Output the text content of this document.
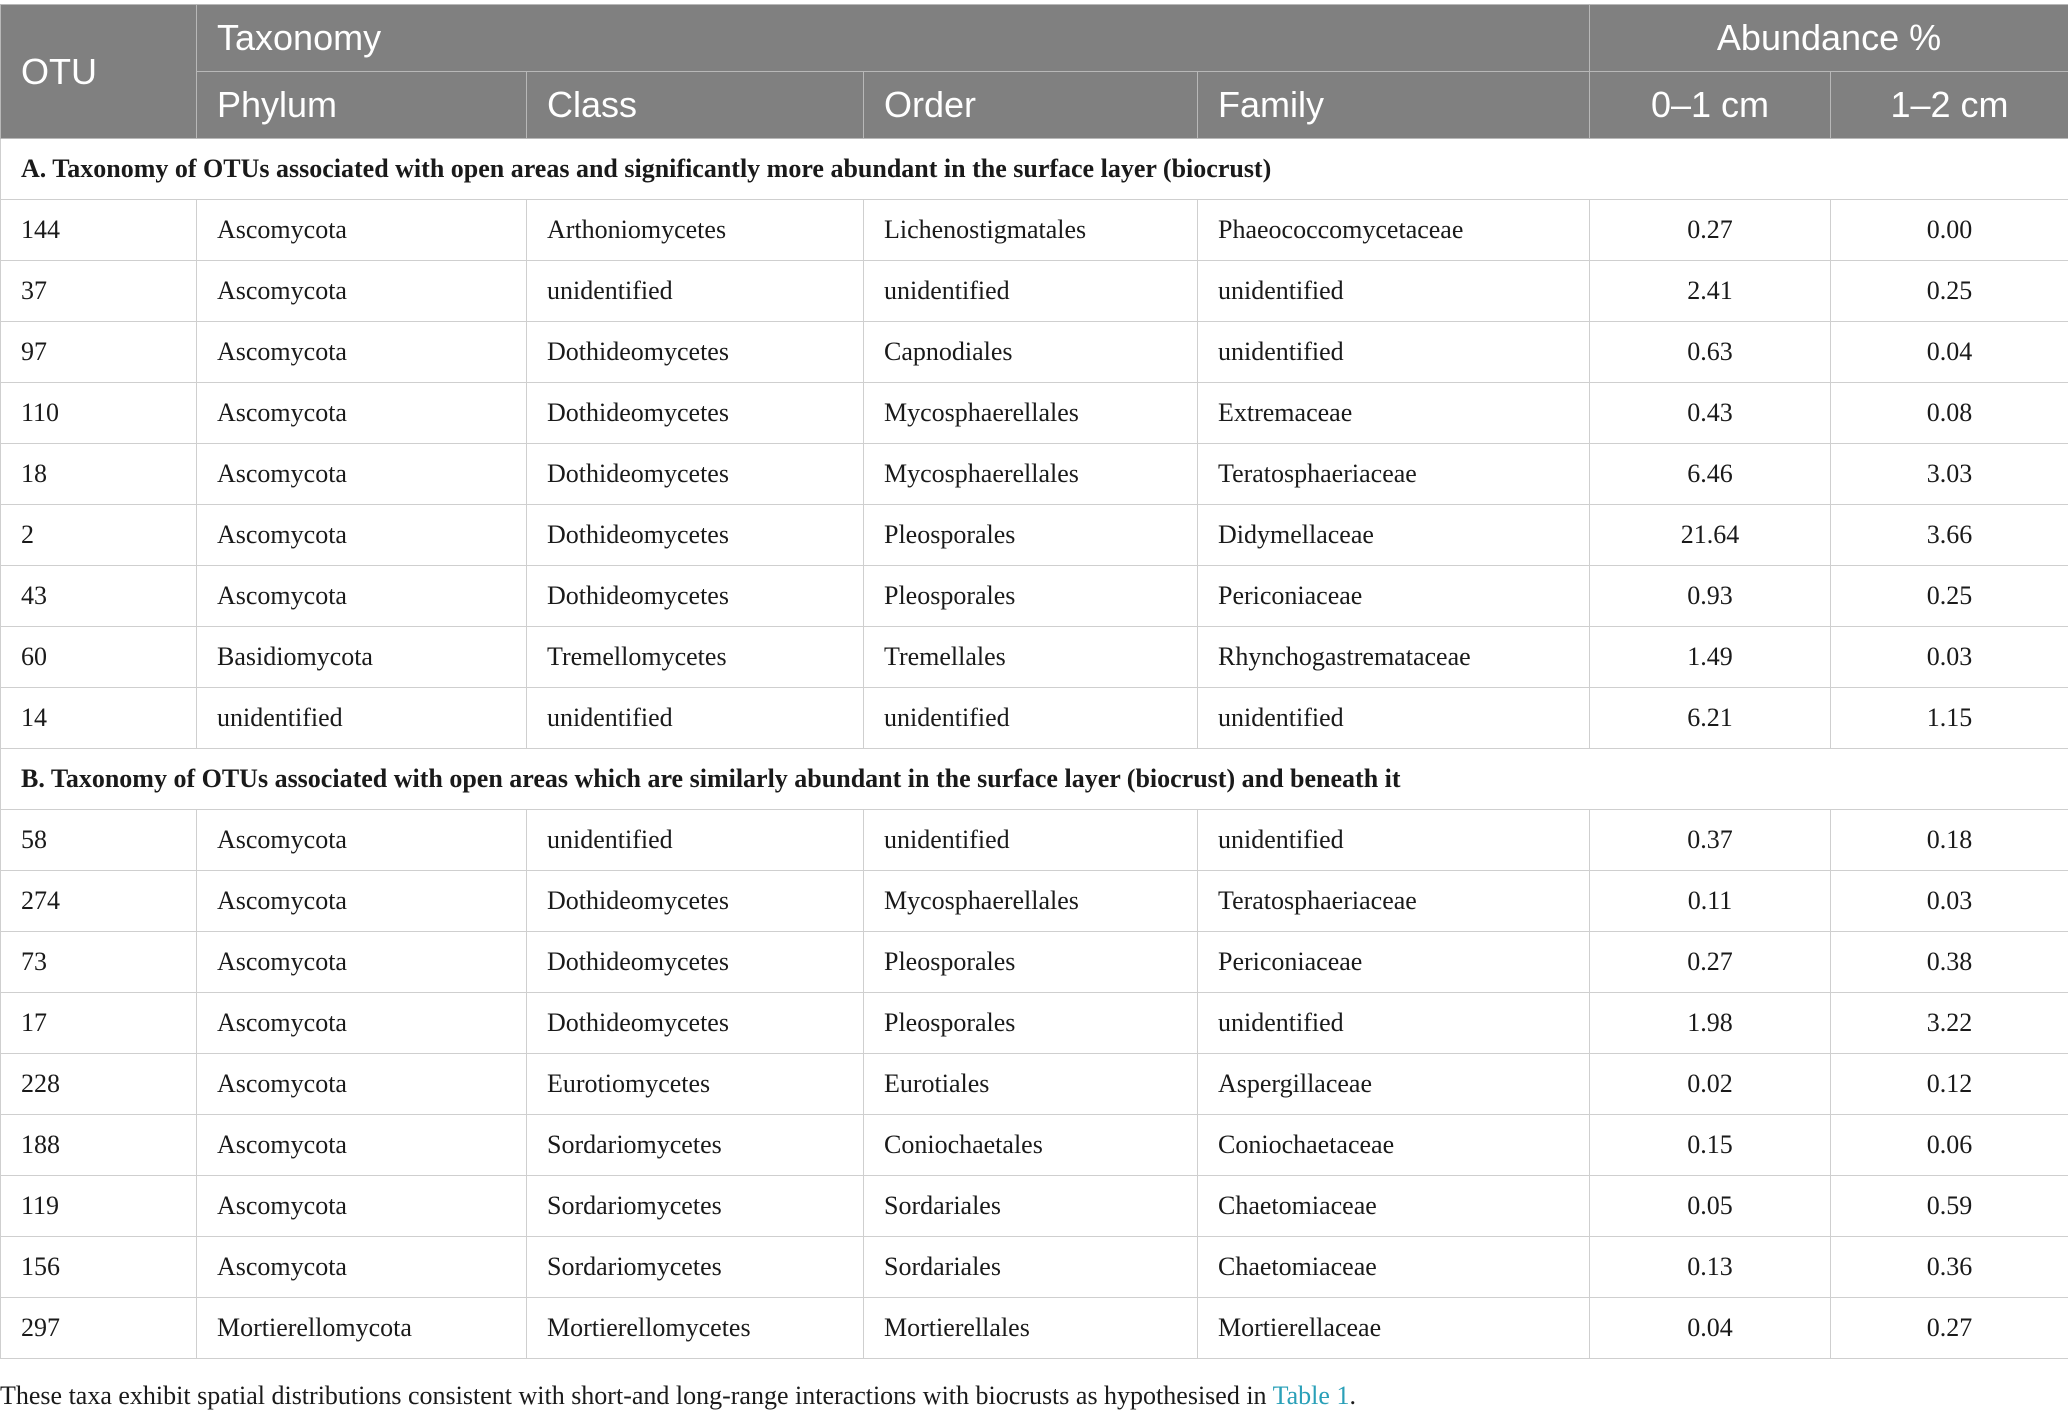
OTU	Taxonomy				Abundance %	
	Phylum	Class	Order	Family	0–1 cm	1–2 cm
A. Taxonomy of OTUs associated with open areas and significantly more abundant in the surface layer (biocrust)						
144	Ascomycota	Arthoniomycetes	Lichenostigmatales	Phaeococcomycetaceae	0.27	0.00
37	Ascomycota	unidentified	unidentified	unidentified	2.41	0.25
97	Ascomycota	Dothideomycetes	Capnodiales	unidentified	0.63	0.04
110	Ascomycota	Dothideomycetes	Mycosphaerellales	Extremaceae	0.43	0.08
18	Ascomycota	Dothideomycetes	Mycosphaerellales	Teratosphaeriaceae	6.46	3.03
2	Ascomycota	Dothideomycetes	Pleosporales	Didymellaceae	21.64	3.66
43	Ascomycota	Dothideomycetes	Pleosporales	Periconiaceae	0.93	0.25
60	Basidiomycota	Tremellomycetes	Tremellales	Rhynchogastremataceae	1.49	0.03
14	unidentified	unidentified	unidentified	unidentified	6.21	1.15
B. Taxonomy of OTUs associated with open areas which are similarly abundant in the surface layer (biocrust) and beneath it						
58	Ascomycota	unidentified	unidentified	unidentified	0.37	0.18
274	Ascomycota	Dothideomycetes	Mycosphaerellales	Teratosphaeriaceae	0.11	0.03
73	Ascomycota	Dothideomycetes	Pleosporales	Periconiaceae	0.27	0.38
17	Ascomycota	Dothideomycetes	Pleosporales	unidentified	1.98	3.22
228	Ascomycota	Eurotiomycetes	Eurotiales	Aspergillaceae	0.02	0.12
188	Ascomycota	Sordariomycetes	Coniochaetales	Coniochaetaceae	0.15	0.06
119	Ascomycota	Sordariomycetes	Sordariales	Chaetomiaceae	0.05	0.59
156	Ascomycota	Sordariomycetes	Sordariales	Chaetomiaceae	0.13	0.36
297	Mortierellomycota	Mortierellomycetes	Mortierellales	Mortierellaceae	0.04	0.27
These taxa exhibit spatial distributions consistent with short-and long-range interactions with biocrusts as hypothesised in Table 1.
